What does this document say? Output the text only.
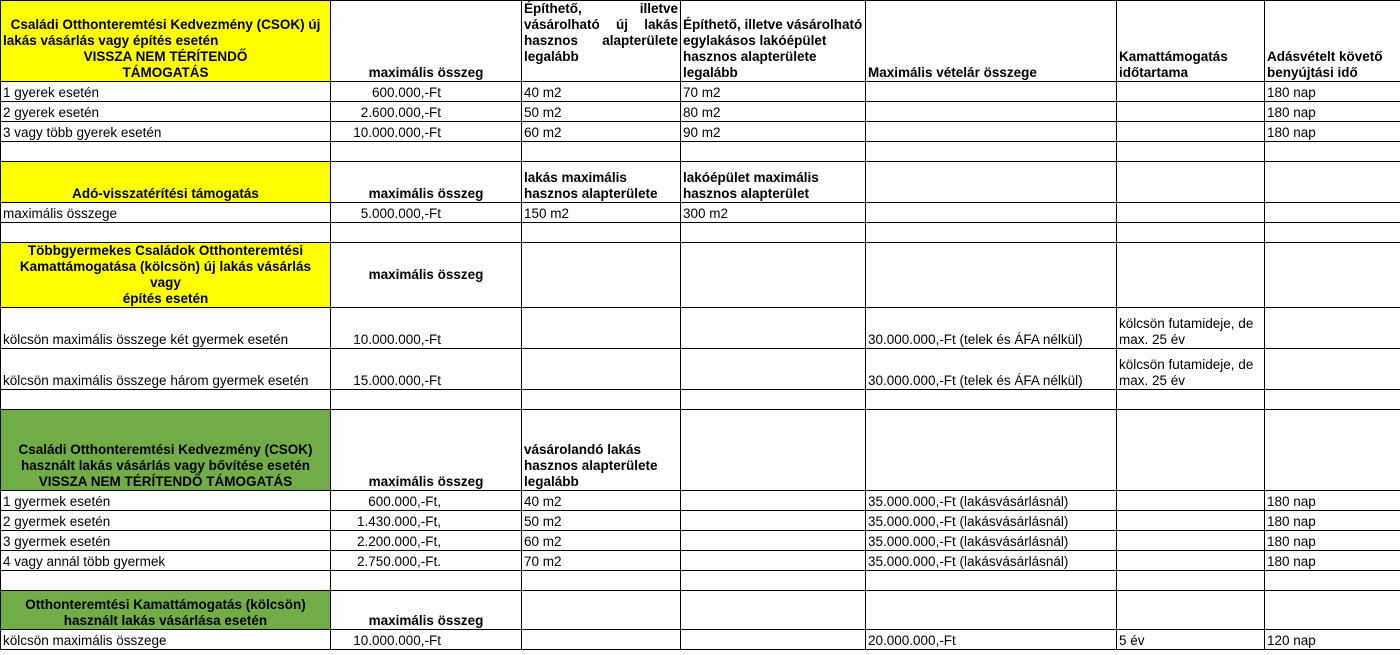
Családi Otthonteremtési Kedvezmény (CSOK) új
lakás vásárlás vagy építés esetén
VISSZA NEM TÉRÍTENDŐ
TÁMOGATÁS	maximális összeg	Építhető, illetve vásárolható új lakás hasznos alapterülete legalább	Építhető, illetve vásárolható egylakásos lakóépület hasznos alapterülete legalább	Maximális vételár összege	Kamattámogatás időtartama	Adásvételt követő benyújtási idő
1 gyerek esetén	600.000,-Ft	40 m2	70 m2			180 nap
2 gyerek esetén	2.600.000,-Ft	50 m2	80 m2			180 nap
3 vagy több gyerek esetén	10.000.000,-Ft	60 m2	90 m2			180 nap

Adó-visszatérítési támogatás	maximális összeg	lakás maximális hasznos alapterülete	lakóépület maximális hasznos alapterület			
maximális összege	5.000.000,-Ft	150 m2	300 m2			

Többgyermekes Családok Otthonteremtési
Kamattámogatása (kölcsön) új lakás vásárlás vagy
építés esetén	maximális összeg					
kölcsön maximális összege két gyermek esetén	10.000.000,-Ft			30.000.000,-Ft (telek és ÁFA nélkül)	kölcsön futamideje, de max. 25 év	
kölcsön maximális összege három gyermek esetén	15.000.000,-Ft			30.000.000,-Ft (telek és ÁFA nélkül)	kölcsön futamideje, de max. 25 év	

Családi Otthonteremtési Kedvezmény (CSOK)
használt lakás vásárlás vagy bővítése esetén
VISSZA NEM TÉRÍTENDŐ TÁMOGATÁS	maximális összeg	vásárolandó lakás hasznos alapterülete legalább				
1 gyermek esetén	600.000,-Ft,	40 m2		35.000.000,-Ft (lakásvásárlásnál)		180 nap
2 gyermek esetén	1.430.000,-Ft,	50 m2		35.000.000,-Ft (lakásvásárlásnál)		180 nap
3 gyermek esetén	2.200.000,-Ft,	60 m2		35.000.000,-Ft (lakásvásárlásnál)		180 nap
4 vagy annál több gyermek	2.750.000,-Ft.	70 m2		35.000.000,-Ft (lakásvásárlásnál)		180 nap

Otthonteremtési Kamattámogatás (kölcsön)
használt lakás vásárlása esetén	maximális összeg					
kölcsön maximális összege	10.000.000,-Ft			20.000.000,-Ft	5 év	120 nap
